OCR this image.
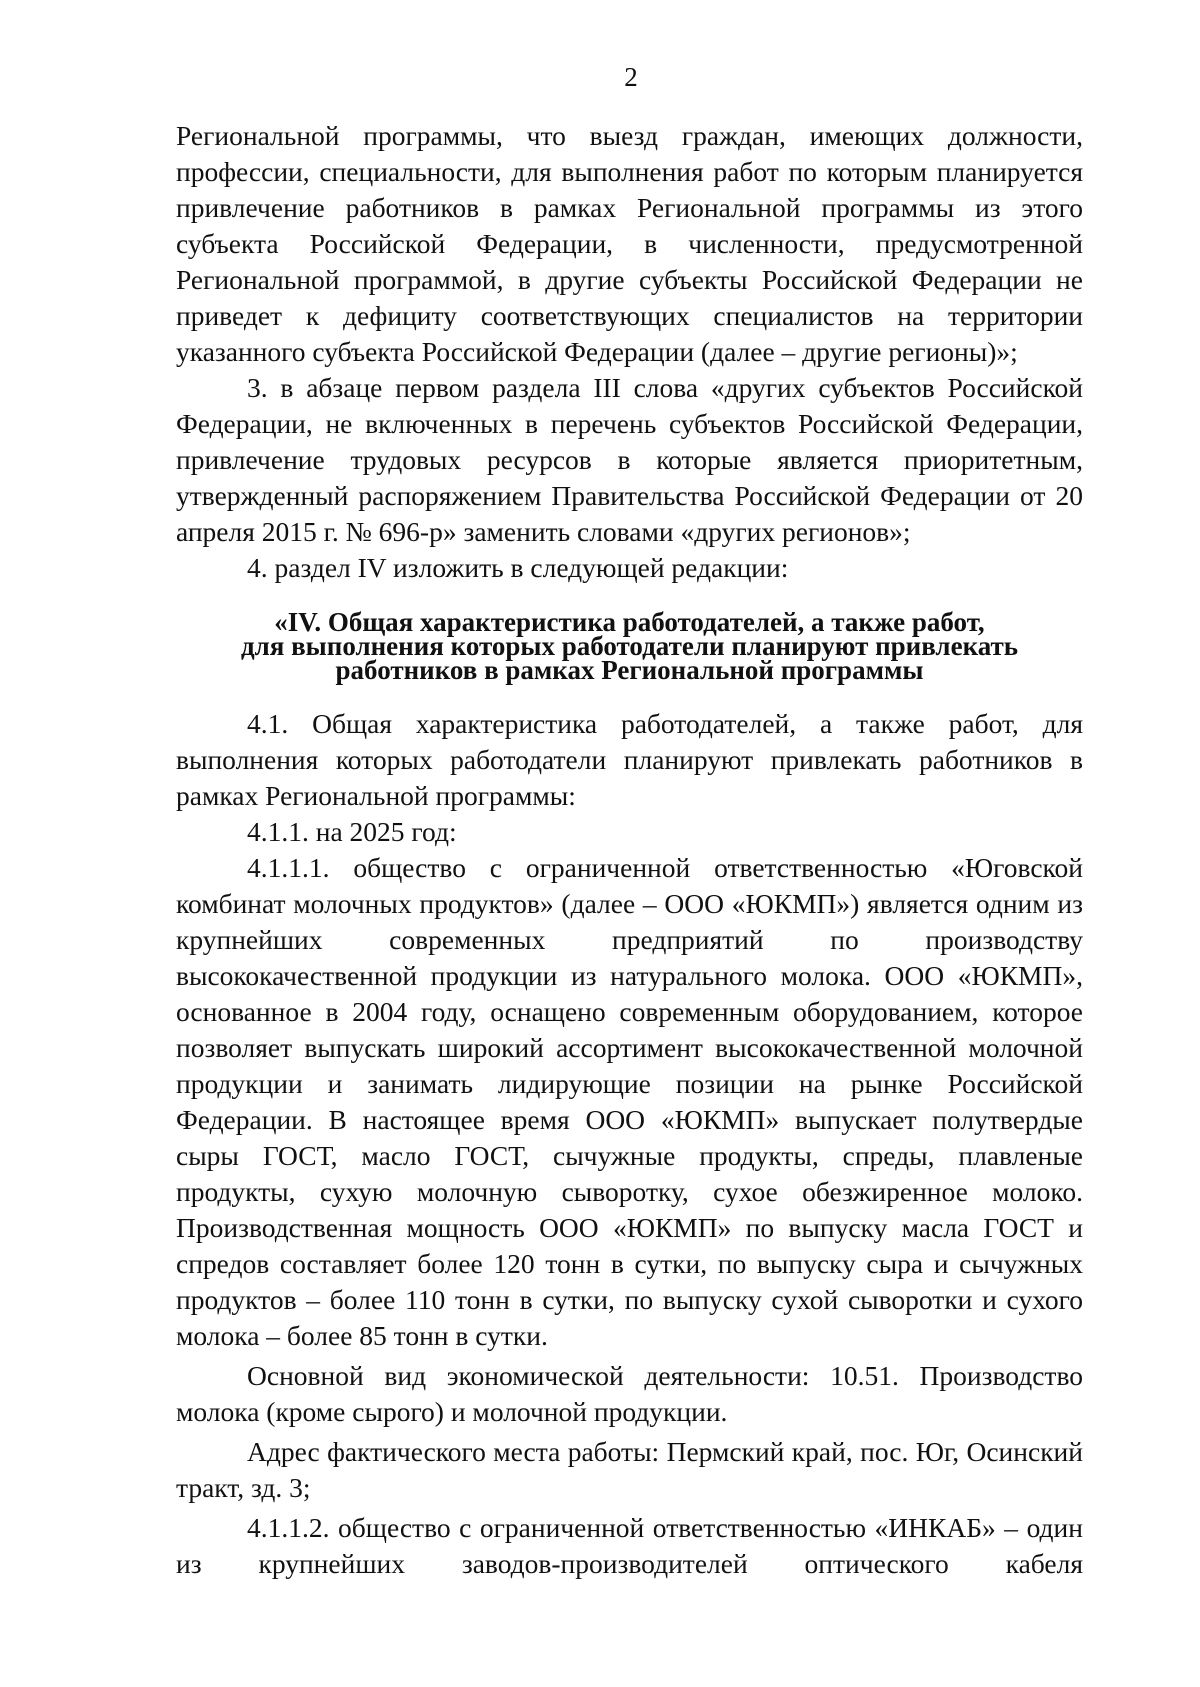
2

Региональной программы, что выезд граждан, имеющих должности, профессии, специальности, для выполнения работ по которым планируется привлечение работников в рамках Региональной программы из этого субъекта Российской Федерации, в численности, предусмотренной Региональной программой, в другие субъекты Российской Федерации не приведет к дефициту соответствующих специалистов на территории указанного субъекта Российской Федерации (далее – другие регионы)»;

3. в абзаце первом раздела III слова «других субъектов Российской Федерации, не включенных в перечень субъектов Российской Федерации, привлечение трудовых ресурсов в которые является приоритетным, утвержденный распоряжением Правительства Российской Федерации от 20 апреля 2015 г. № 696-р» заменить словами «других регионов»;

4. раздел IV изложить в следующей редакции:

«IV. Общая характеристика работодателей, а также работ,
для выполнения которых работодатели планируют привлекать
работников в рамках Региональной программы

4.1. Общая характеристика работодателей, а также работ, для выполнения которых работодатели планируют привлекать работников в рамках Региональной программы:

4.1.1. на 2025 год:

4.1.1.1. общество с ограниченной ответственностью «Юговской комбинат молочных продуктов» (далее – ООО «ЮКМП») является одним из крупнейших современных предприятий по производству высококачественной продукции из натурального молока. ООО «ЮКМП», основанное в 2004 году, оснащено современным оборудованием, которое позволяет выпускать широкий ассортимент высококачественной молочной продукции и занимать лидирующие позиции на рынке Российской Федерации. В настоящее время ООО «ЮКМП» выпускает полутвердые сыры ГОСТ, масло ГОСТ, сычужные продукты, спреды, плавленые продукты, сухую молочную сыворотку, сухое обезжиренное молоко. Производственная мощность ООО «ЮКМП» по выпуску масла ГОСТ и спредов составляет более 120 тонн в сутки, по выпуску сыра и сычужных продуктов – более 110 тонн в сутки, по выпуску сухой сыворотки и сухого молока – более 85 тонн в сутки.

Основной вид экономической деятельности: 10.51. Производство молока (кроме сырого) и молочной продукции.

Адрес фактического места работы: Пермский край, пос. Юг, Осинский тракт, зд. 3;

4.1.1.2. общество с ограниченной ответственностью «ИНКАБ» – один из крупнейших заводов-производителей оптического кабеля
